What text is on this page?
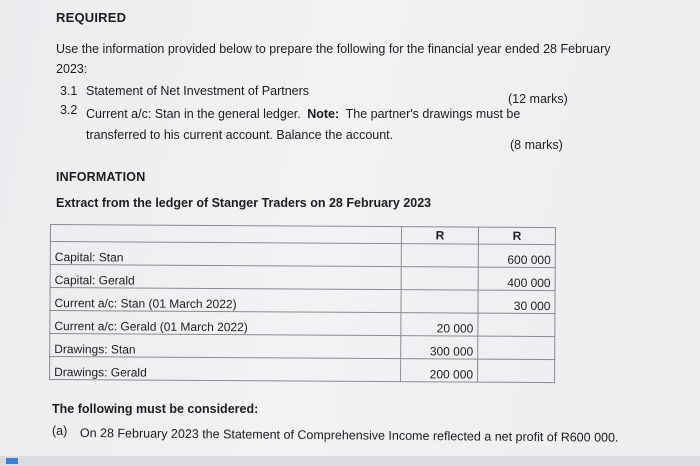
REQUIRED
Use the information provided below to prepare the following for the financial year ended 28 February
2023:
3.1 Statement of Net Investment of Partners
(12 marks)
3.2 Current a/c: Stan in the general ledger. Note: The partner's drawings must be
transferred to his current account. Balance the account.
(8 marks)
INFORMATION
Extract from the ledger of Stanger Traders on 28 February 2023
	R	R
Capital: Stan		600 000
Capital: Gerald		400 000
Current a/c: Stan (01 March 2022)		30 000
Current a/c: Gerald (01 March 2022)	20 000	
Drawings: Stan	300 000	
Drawings: Gerald	200 000	
The following must be considered:
(a) On 28 February 2023 the Statement of Comprehensive Income reflected a net profit of R600 000.
